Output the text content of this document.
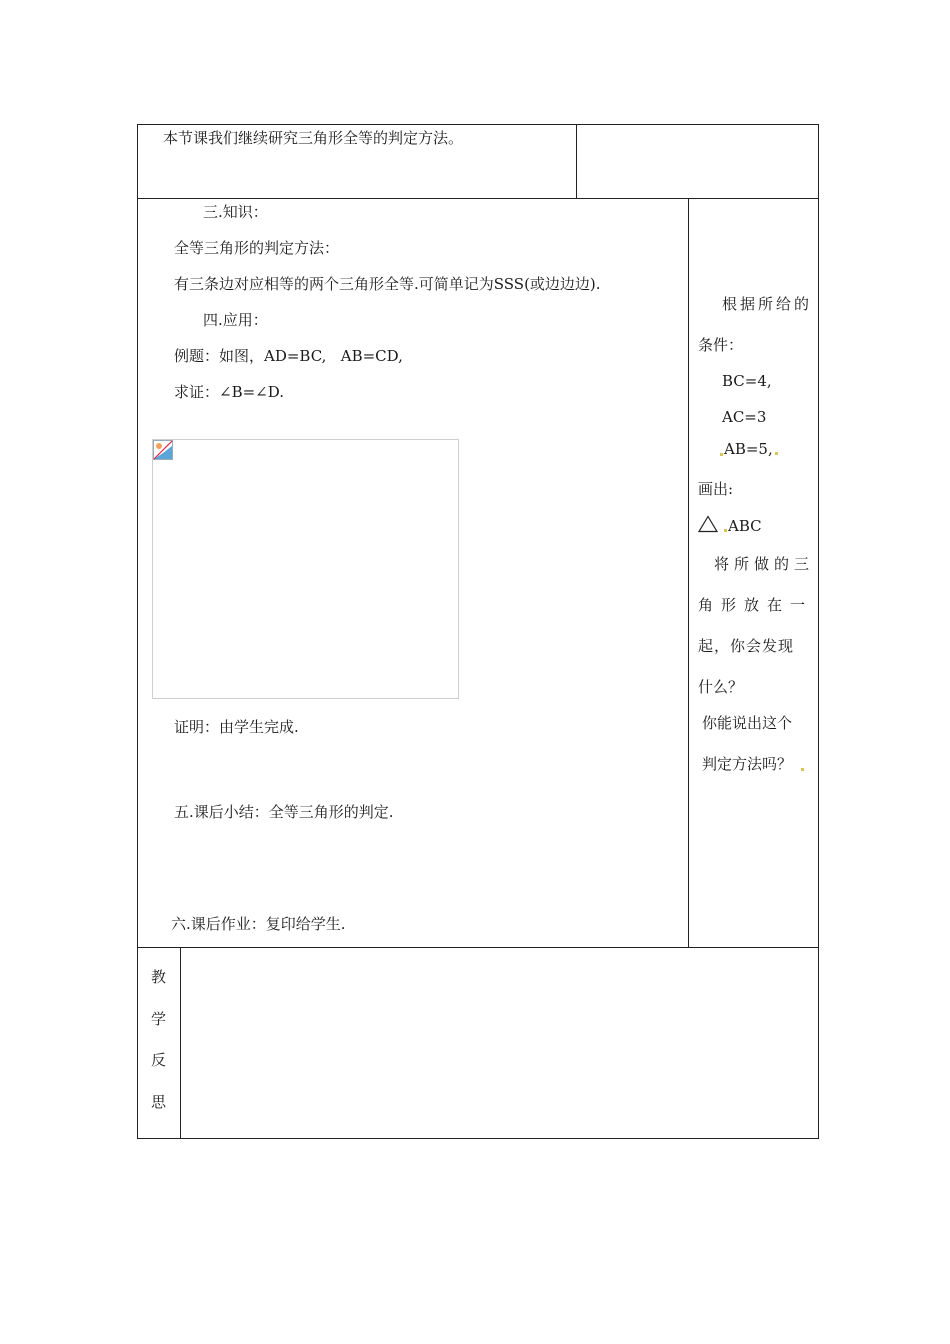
本节课我们继续研究三角形全等的判定方法。
三.知识：
全等三角形的判定方法：
有三条边对应相等的两个三角形全等.可简单记为SSS(或边边边).
四.应用：
例题：如图，AD=BC,   AB=CD,
求证：∠B=∠D.
证明：由学生完成.
五.课后小结：全等三角形的判定.
六.课后作业：复印给学生.
根据所给的
条件：
BC=4,
AC=3
AB=5,
画出:
ABC
将所做的三
角形放在一
起，你会发现
什么？
你能说出这个
判定方法吗？
教
学
反
思
